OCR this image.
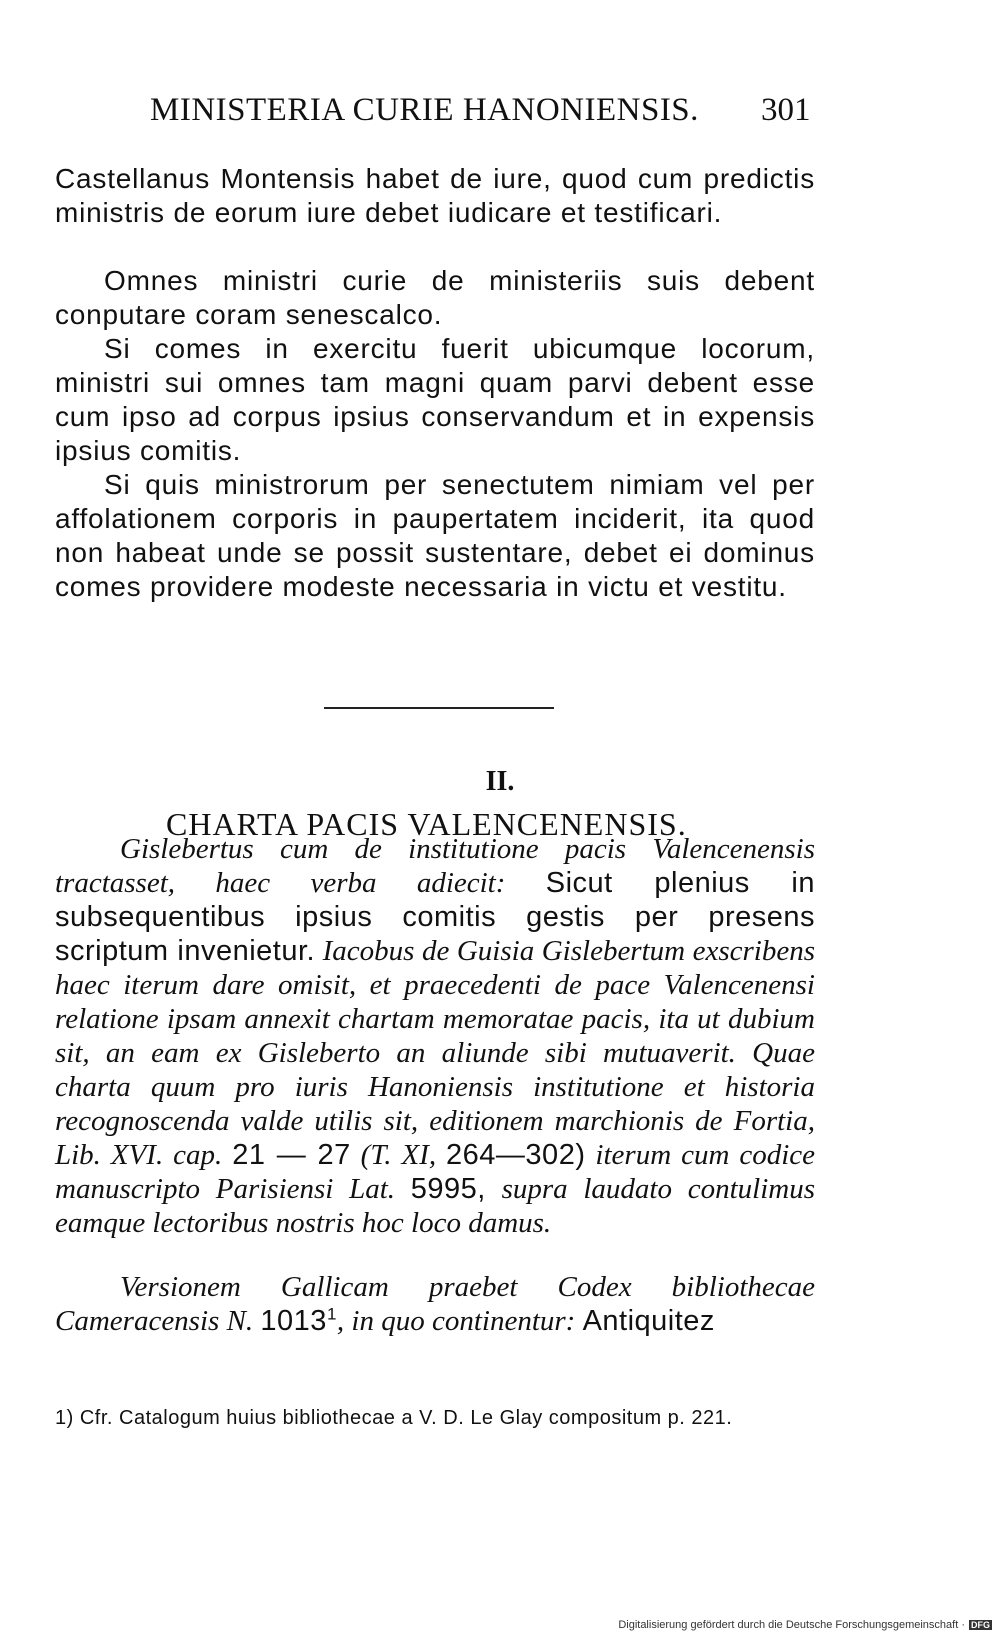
MINISTERIA CURIE HANONIENSIS. 301

Castellanus Montensis habet de iure, quod cum predictis ministris de eorum iure debet iudicare et testificari.

Omnes ministri curie de ministeriis suis debent conputare coram senescalco.

Si comes in exercitu fuerit ubicumque locorum, ministri sui omnes tam magni quam parvi debent esse cum ipso ad corpus ipsius conservandum et in expensis ipsius comitis.

Si quis ministrorum per senectutem nimiam vel per affolationem corporis in paupertatem inciderit, ita quod non habeat unde se possit sustentare, debet ei dominus comes providere modeste necessaria in victu et vestitu.

II.
CHARTA PACIS VALENCENENSIS.

Gislebertus cum de institutione pacis Valencenensis tractasset, haec verba adiecit: Sicut plenius in subsequentibus ipsius comitis gestis per presens scriptum invenietur. Iacobus de Guisia Gislebertum exscribens haec iterum dare omisit, et praecedenti de pace Valencenensi relatione ipsam annexit chartam memoratae pacis, ita ut dubium sit, an eam ex Gisleberto an aliunde sibi mutuaverit. Quae charta quum pro iuris Hanoniensis institutione et historia recognoscenda valde utilis sit, editionem marchionis de Fortia, Lib. XVI. cap. 21 — 27 (T. XI, 264—302) iterum cum codice manuscripto Parisiensi Lat. 5995, supra laudato contulimus eamque lectoribus nostris hoc loco damus.

Versionem Gallicam praebet Codex bibliothecae Cameracensis N. 1013$^1$, in quo continentur: Antiquitez

1) Cfr. Catalogum huius bibliothecae a V. D. Le Glay compositum p. 221.

Digitalisierung gefördert durch die Deutsche Forschungsgemeinschaft · DFG
